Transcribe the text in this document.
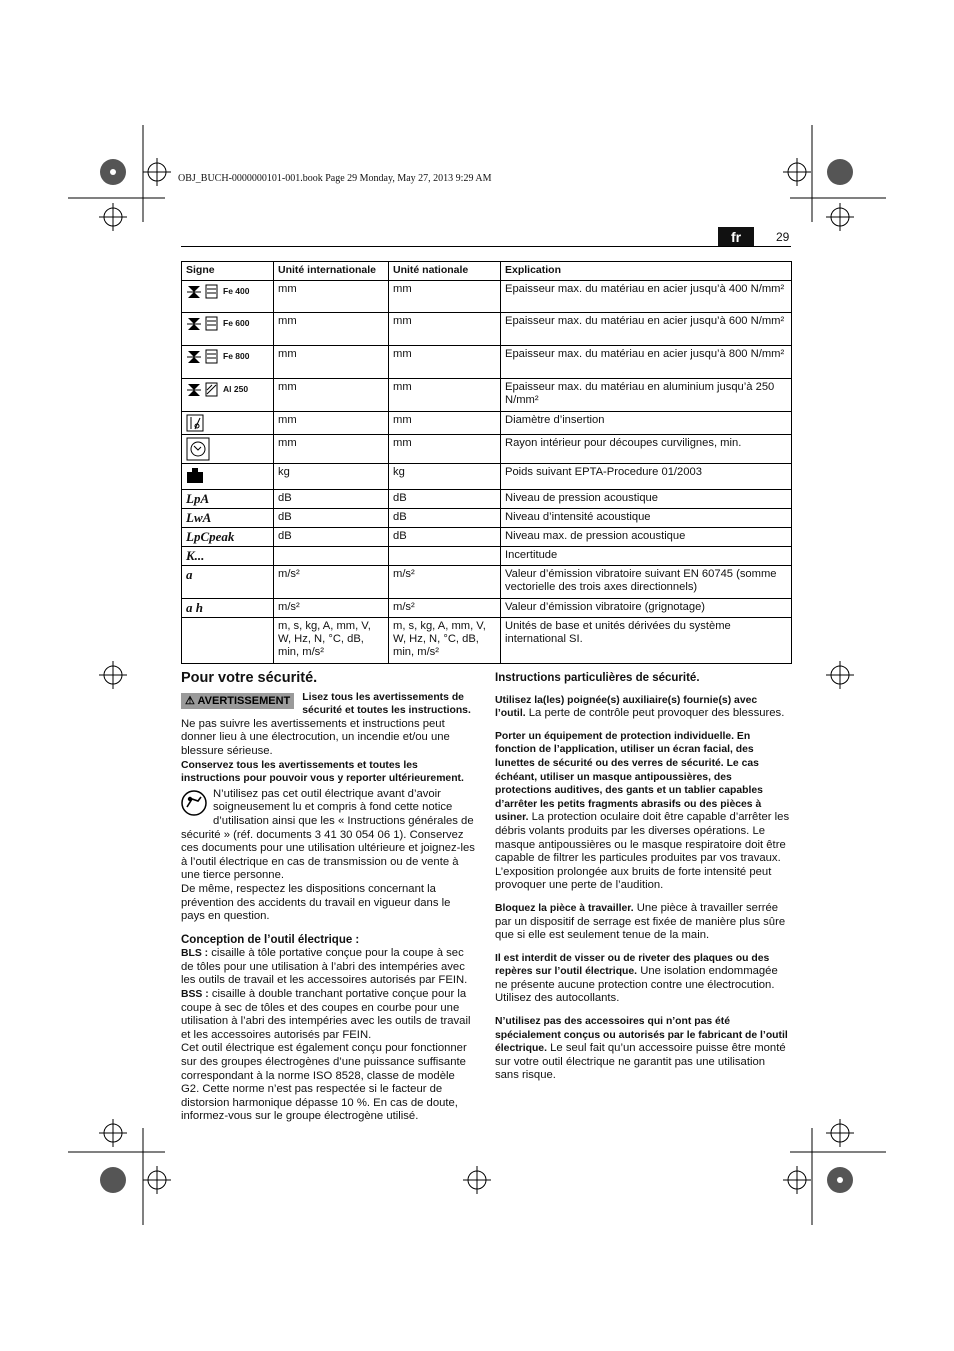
OBJ_BUCH-0000000101-001.book Page 29 Monday, May 27, 2013 9:29 AM
fr	29
Signe	Unité internationale	Unité nationale	Explication

Fe 400	mm	mm	Epaisseur max. du matériau en acier jusqu’à 400 N/mm²

Fe 600	mm	mm	Epaisseur max. du matériau en acier jusqu’à 600 N/mm²

Fe 800	mm	mm	Epaisseur max. du matériau en acier jusqu’à 800 N/mm²

Al 250	mm	mm	Epaisseur max. du matériau en aluminium jusqu’à 250 N/mm²

	mm	mm	Diamètre d’insertion

	mm	mm	Rayon intérieur pour découpes curvilignes, min.

	kg	kg	Poids suivant EPTA-Procedure 01/2003

LpA	dB	dB	Niveau de pression acoustique

LwA	dB	dB	Niveau d’intensité acoustique

LpCpeak	dB	dB	Niveau max. de pression acoustique

K...			Incertitude

a	m/s²	m/s²	Valeur d’émission vibratoire suivant EN 60745 (somme vectorielle des trois axes directionnels)

a h	m/s²	m/s²	Valeur d’émission vibratoire (grignotage)

	m, s, kg, A, mm, V, W, Hz, N, °C, dB, min, m/s²	m, s, kg, A, mm, V, W, Hz, N, °C, dB, min, m/s²	Unités de base et unités dérivées du système international SI.
Pour votre sécurité.
⚠ AVERTISSEMENT	Lisez tous les avertissements de sécurité et toutes les instructions. Ne pas suivre les avertissements et instructions peut donner lieu à une électrocution, un incendie et/ou une blessure sérieuse.

Conservez tous les avertissements et toutes les instructions pour pouvoir vous y reporter ultérieurement.

N’utilisez pas cet outil électrique avant d’avoir soigneusement lu et compris à fond cette notice d’utilisation ainsi que les « Instructions générales de sécurité » (réf. documents 3 41 30 054 06 1). Conservez ces documents pour une utilisation ultérieure et joignez-les à l’outil électrique en cas de transmission ou de vente à une tierce personne.

De même, respectez les dispositions concernant la prévention des accidents du travail en vigueur dans le pays en question.

Conception de l’outil électrique :

BLS : cisaille à tôle portative conçue pour la coupe à sec de tôles pour une utilisation à l’abri des intempéries avec les outils de travail et les accessoires autorisés par FEIN.

BSS : cisaille à double tranchant portative conçue pour la coupe à sec de tôles et des coupes en courbe pour une utilisation à l’abri des intempéries avec les outils de travail et les accessoires autorisés par FEIN.

Cet outil électrique est également conçu pour fonctionner sur des groupes électrogènes d’une puissance suffisante correspondant à la norme ISO 8528, classe de modèle G2. Cette norme n’est pas respectée si le facteur de distorsion harmonique dépasse 10 %. En cas de doute, informez-vous sur le groupe électrogène utilisé.

Instructions particulières de sécurité.

Utilisez la(les) poignée(s) auxiliaire(s) fournie(s) avec l’outil. La perte de contrôle peut provoquer des blessures.

Porter un équipement de protection individuelle. En fonction de l’application, utiliser un écran facial, des lunettes de sécurité ou des verres de sécurité. Le cas échéant, utiliser un masque antipoussières, des protections auditives, des gants et un tablier capables d’arrêter les petits fragments abrasifs ou des pièces à usiner. La protection oculaire doit être capable d’arrêter les débris volants produits par les diverses opérations. Le masque antipoussières ou le masque respiratoire doit être capable de filtrer les particules produites par vos travaux. L’exposition prolongée aux bruits de forte intensité peut provoquer une perte de l’audition.

Bloquez la pièce à travailler. Une pièce à travailler serrée par un dispositif de serrage est fixée de manière plus sûre que si elle est seulement tenue de la main.

Il est interdit de visser ou de riveter des plaques ou des repères sur l’outil électrique. Une isolation endommagée ne présente aucune protection contre une électrocution. Utilisez des autocollants.

N’utilisez pas des accessoires qui n’ont pas été spécialement conçus ou autorisés par le fabricant de l’outil électrique. Le seul fait qu’un accessoire puisse être monté sur votre outil électrique ne garantit pas une utilisation sans risque.
